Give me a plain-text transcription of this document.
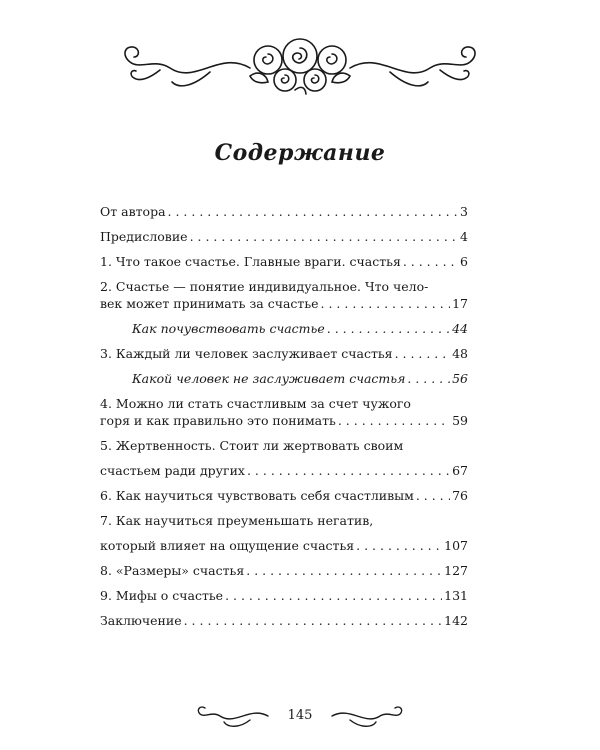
Содержание
От автора . . .	3
Предисловие . . .	4
1. Что такое счастье. Главные враги. счастья . . .	6
2. Счастье — понятие индивидуальное. Что чело-
век может принимать за счастье . . .	17
Как почувствовать счастье . . .	44
3. Каждый ли человек заслуживает счастья . . .	48
Какой человек не заслуживает счастья . . .	56
4. Можно ли стать счастливым за счет чужого
горя и как правильно это понимать . . .	59
5. Жертвенность. Стоит ли жертвовать своим
счастьем ради других . . .	67
6. Как научиться чувствовать себя счастливым . . .	76
7. Как научиться преуменьшать негатив,
который влияет на ощущение счастья . . .	107
8. «Размеры» счастья . . .	127
9. Мифы о счастье . . .	131
Заключение . . .	142
145
